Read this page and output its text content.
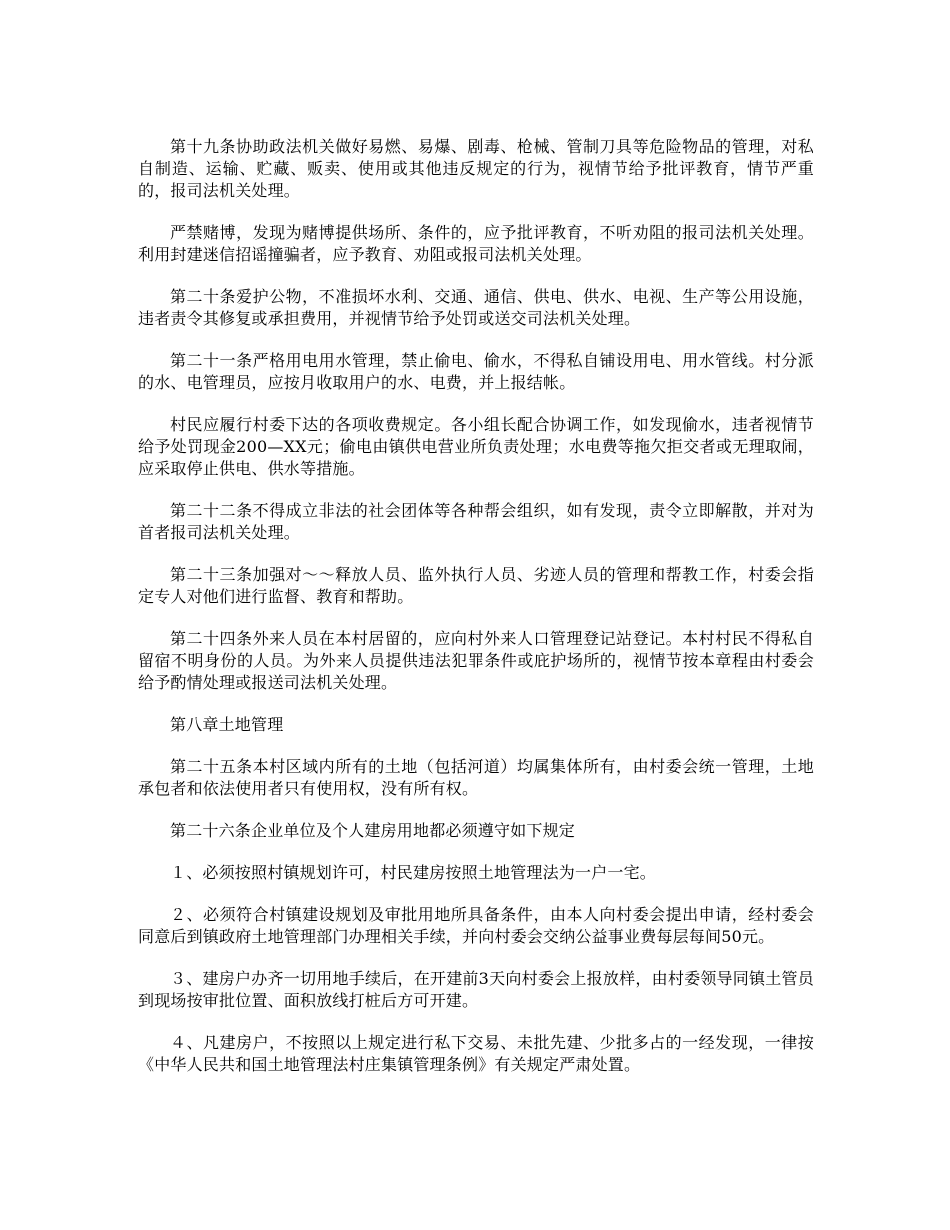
第十九条协助政法机关做好易燃、易爆、剧毒、枪械、管制刀具等危险物品的管理，对私自制造、运输、贮藏、贩卖、使用或其他违反规定的行为，视情节给予批评教育，情节严重的，报司法机关处理。

严禁赌博，发现为赌博提供场所、条件的，应予批评教育，不听劝阻的报司法机关处理。利用封建迷信招谣撞骗者，应予教育、劝阻或报司法机关处理。

第二十条爱护公物，不准损坏水利、交通、通信、供电、供水、电视、生产等公用设施，违者责令其修复或承担费用，并视情节给予处罚或送交司法机关处理。

第二十一条严格用电用水管理，禁止偷电、偷水，不得私自铺设用电、用水管线。村分派的水、电管理员，应按月收取用户的水、电费，并上报结帐。

村民应履行村委下达的各项收费规定。各小组长配合协调工作，如发现偷水，违者视情节给予处罚现金200—XX元；偷电由镇供电营业所负责处理；水电费等拖欠拒交者或无理取闹，应采取停止供电、供水等措施。

第二十二条不得成立非法的社会团体等各种帮会组织，如有发现，责令立即解散，并对为首者报司法机关处理。

第二十三条加强对～～释放人员、监外执行人员、劣迹人员的管理和帮教工作，村委会指定专人对他们进行监督、教育和帮助。

第二十四条外来人员在本村居留的，应向村外来人口管理登记站登记。本村村民不得私自留宿不明身份的人员。为外来人员提供违法犯罪条件或庇护场所的，视情节按本章程由村委会给予酌情处理或报送司法机关处理。

第八章土地管理

第二十五条本村区域内所有的土地（包括河道）均属集体所有，由村委会统一管理，土地承包者和依法使用者只有使用权，没有所有权。

第二十六条企业单位及个人建房用地都必须遵守如下规定

１、必须按照村镇规划许可，村民建房按照土地管理法为一户一宅。

２、必须符合村镇建设规划及审批用地所具备条件，由本人向村委会提出申请，经村委会同意后到镇政府土地管理部门办理相关手续，并向村委会交纳公益事业费每层每间50元。

３、建房户办齐一切用地手续后，在开建前3天向村委会上报放样，由村委领导同镇土管员到现场按审批位置、面积放线打桩后方可开建。

４、凡建房户，不按照以上规定进行私下交易、未批先建、少批多占的一经发现，一律按《中华人民共和国土地管理法村庄集镇管理条例》有关规定严肃处置。
